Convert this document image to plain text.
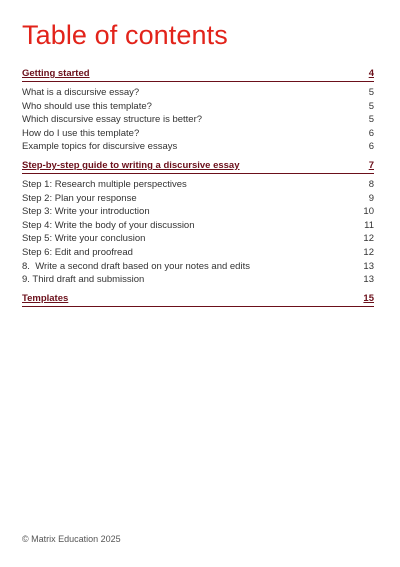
Table of contents
Getting started	4
What is a discursive essay?	5
Who should use this template?	5
Which discursive essay structure is better?	5
How do I use this template?	6
Example topics for discursive essays	6
Step-by-step guide to writing a discursive essay	7
Step 1: Research multiple perspectives	8
Step 2: Plan your response	9
Step 3: Write your introduction	10
Step 4: Write the body of your discussion	11
Step 5: Write your conclusion	12
Step 6: Edit and proofread	12
8.  Write a second draft based on your notes and edits	13
9. Third draft and submission	13
Templates	15
© Matrix Education 2025
